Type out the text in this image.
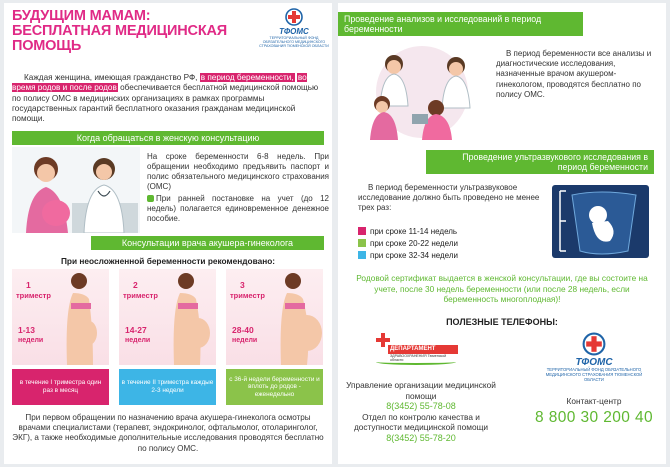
БУДУЩИМ МАМАМ:
БЕСПЛАТНАЯ МЕДИЦИНСКАЯ
ПОМОЩЬ
ТФОМС
ТЕРРИТОРИАЛЬНЫЙ ФОНД ОБЯЗАТЕЛЬНОГО МЕДИЦИНСКОГО СТРАХОВАНИЯ ТЮМЕНСКОЙ ОБЛАСТИ
Каждая женщина, имеющая гражданство РФ, в период беременности, во время родов и после родов обеспечивается бесплатной медицинской помощью по полису ОМС в медицинских организациях в рамках программы государственных гарантий бесплатного оказания гражданам медицинской помощи.
Когда обращаться в женскую консультацию

На сроке беременности 6-8 недель. При обращении необходимо предъявить паспорт и полис обязательного медицинского страхования (ОМС)

При ранней постановке на учет (до 12 недель) полагается единовременное денежное пособие.

Консультации врача акушера-гинеколога
При неосложненной беременности рекомендовано:
1
триместр
1-13
недели
2
триместр
14-27
недели
3
триместр
28-40
недели
в течение I триместра один раз в месяц
в течение II триместра каждые 2-3 недели
с 36-й недели беременности и вплоть до родов - еженедельно
При первом обращении по назначению врача акушера-гинеколога осмотры врачами специалистами (терапевт, эндокринолог, офтальмолог, отоларинголог, ЭКГ), а также необходимые дополнительные исследования проводятся бесплатно по полису ОМС.
Проведение анализов и исследований в период беременности
В период беременности все анализы и диагностические исследования, назначенные врачом акушером-гинекологом, проводятся бесплатно по полису ОМС.
Проведение ультразвукового исследования в период беременности
В период беременности ультразвуковое исследование должно быть проведено не менее трех раз:
при сроке 11-14 недель
при сроке 20-22 недели
при сроке 32-34 недели
Родовой сертификат выдается в женской консультации, где вы состоите на учете, после 30 недель беременности (или после 28 недель, если беременность многоплодная)!
ПОЛЕЗНЫЕ ТЕЛЕФОНЫ:
ДЕПАРТАМЕНТ
ЗДРАВООХРАНЕНИЯ Тюменской области	ТФОМС
ТЕРРИТОРИАЛЬНЫЙ ФОНД ОБЯЗАТЕЛЬНОГО МЕДИЦИНСКОГО СТРАХОВАНИЯ ТЮМЕНСКОЙ ОБЛАСТИ
Управление организации медицинской помощи
8(3452) 55-78-08
Отдел по контролю качества и доступности медицинской помощи
8(3452) 55-78-20
Контакт-центр
8 800 30 200 40
